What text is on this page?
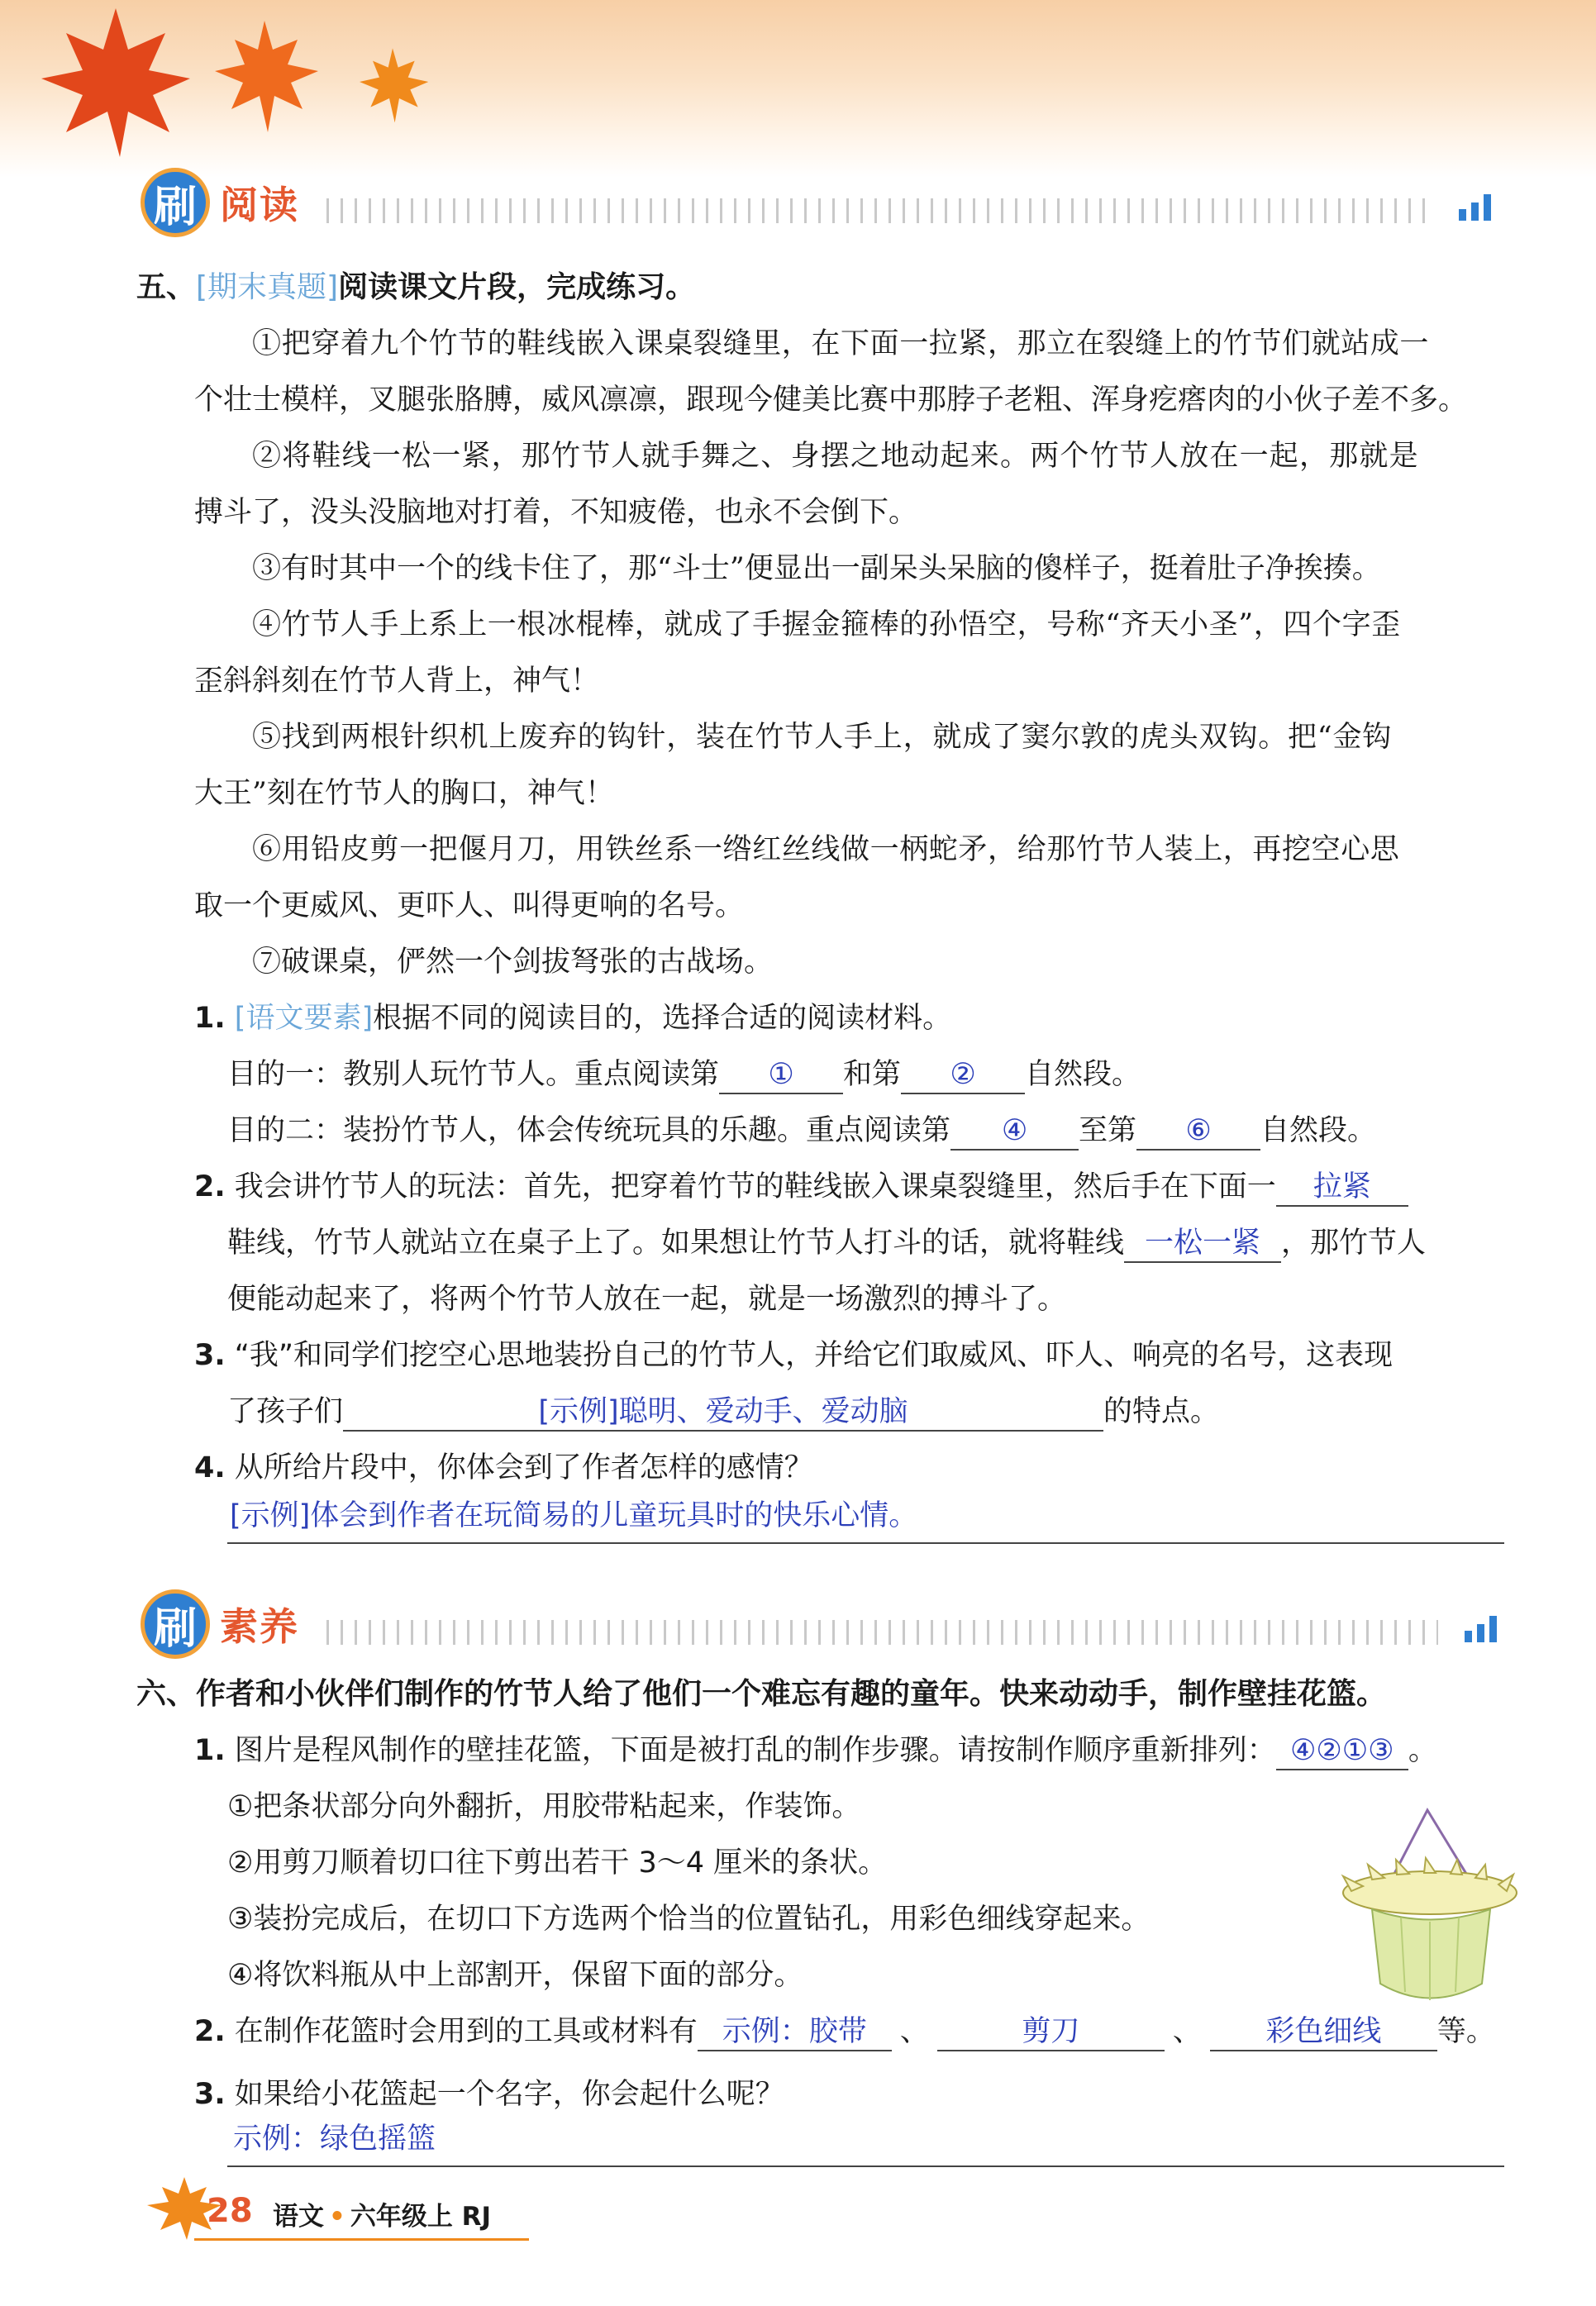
刷 阅读
五、[期末真题]阅读课文片段，完成练习。
①把穿着九个竹节的鞋线嵌入课桌裂缝里，在下面一拉紧，那立在裂缝上的竹节们就站成一
个壮士模样，叉腿张胳膊，威风凛凛，跟现今健美比赛中那脖子老粗、浑身疙瘩肉的小伙子差不多。
②将鞋线一松一紧，那竹节人就手舞之、身摆之地动起来。两个竹节人放在一起，那就是
搏斗了，没头没脑地对打着，不知疲倦，也永不会倒下。
③有时其中一个的线卡住了，那“斗士”便显出一副呆头呆脑的傻样子，挺着肚子净挨揍。
④竹节人手上系上一根冰棍棒，就成了手握金箍棒的孙悟空，号称“齐天小圣”，四个字歪
歪斜斜刻在竹节人背上，神气！
⑤找到两根针织机上废弃的钩针，装在竹节人手上，就成了窦尔敦的虎头双钩。把“金钩
大王”刻在竹节人的胸口，神气！
⑥用铅皮剪一把偃月刀，用铁丝系一绺红丝线做一柄蛇矛，给那竹节人装上，再挖空心思
取一个更威风、更吓人、叫得更响的名号。
⑦破课桌，俨然一个剑拔弩张的古战场。
1. [语文要素]根据不同的阅读目的，选择合适的阅读材料。
目的一：教别人玩竹节人。重点阅读第 ① 和第 ② 自然段。
目的二：装扮竹节人，体会传统玩具的乐趣。重点阅读第 ④ 至第 ⑥ 自然段。
2. 我会讲竹节人的玩法：首先，把穿着竹节的鞋线嵌入课桌裂缝里，然后手在下面一 拉紧
鞋线，竹节人就站立在桌子上了。如果想让竹节人打斗的话，就将鞋线 一松一紧 ，那竹节人
便能动起来了，将两个竹节人放在一起，就是一场激烈的搏斗了。
3. “我”和同学们挖空心思地装扮自己的竹节人，并给它们取威风、吓人、响亮的名号，这表现
了孩子们	[示例]聪明、爱动手、爱动脑	的特点。
4. 从所给片段中，你体会到了作者怎样的感情？
[示例]体会到作者在玩简易的儿童玩具时的快乐心情。
刷 素养
六、作者和小伙伴们制作的竹节人给了他们一个难忘有趣的童年。快来动动手，制作壁挂花篮。
1. 图片是程风制作的壁挂花篮，下面是被打乱的制作步骤。请按制作顺序重新排列： ④②①③ 。
①把条状部分向外翻折，用胶带粘起来，作装饰。
②用剪刀顺着切口往下剪出若干 3～4 厘米的条状。
③装扮完成后，在切口下方选两个恰当的位置钻孔，用彩色细线穿起来。
④将饮料瓶从中上部割开，保留下面的部分。
2. 在制作花篮时会用到的工具或材料有 示例：胶带 、	剪刀	、 彩色细线 等。
3. 如果给小花篮起一个名字，你会起什么呢？
示例：绿色摇篮
28 语文 • 六年级上 RJ
